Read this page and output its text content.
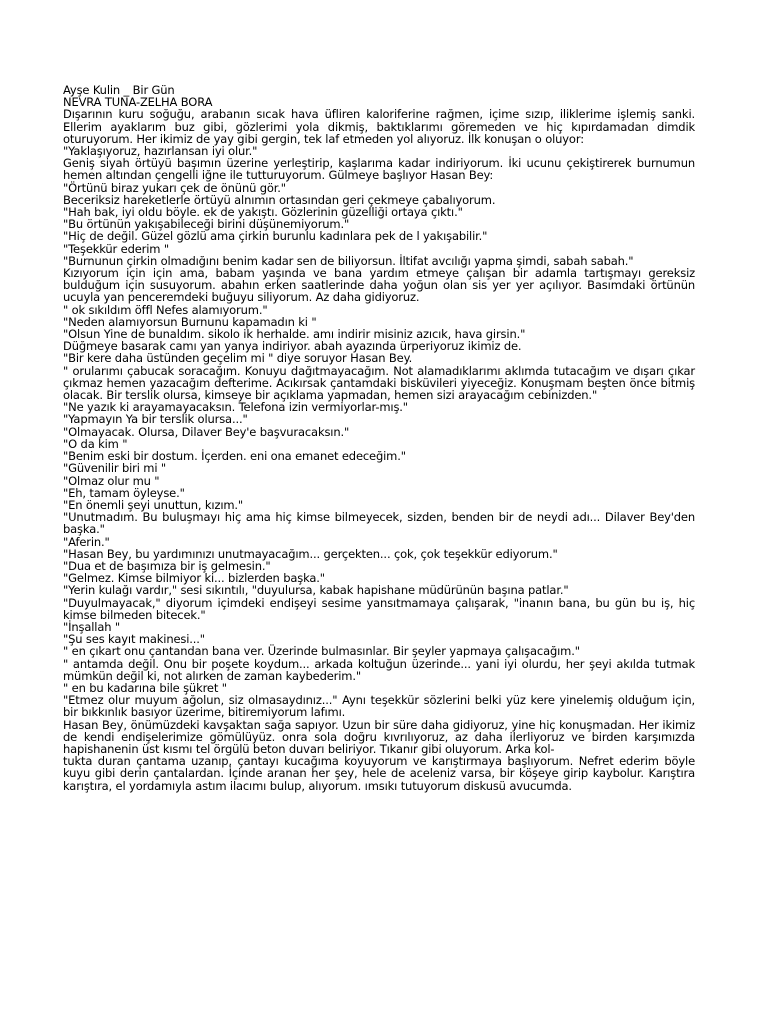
Ayşe Kulin _ Bir Gün

NEVRA TUNA-ZELHA BORA

Dışarının kuru soğuğu, arabanın sıcak hava üfliren kaloriferine rağmen, içime sızıp, iliklerime işlemiş sanki. Ellerim ayaklarım buz gibi, gözlerimi yola dikmiş, baktıklarımı göremeden ve hiç kıpırdamadan dimdik oturuyorum. Her ikimiz de yay gibi gergin, tek laf etmeden yol alıyoruz. İlk konuşan o oluyor:

"Yaklaşıyoruz, hazırlansan iyi olur."

Geniş siyah örtüyü başımın üzerine yerleştirip, kaşlarıma kadar indiriyorum. İki ucunu çekiştirerek burnumun hemen altından çengelli iğne ile tutturuyorum. Gülmeye başlıyor Hasan Bey:

"Örtünü biraz yukarı çek de önünü gör."

Beceriksiz hareketlerle örtüyü alnımın ortasından geri çekmeye çabalıyorum.

"Hah bak, iyi oldu böyle. ek de yakıştı. Gözlerinin güzelliği ortaya çıktı."

"Bu örtünün yakışabileceği birini düşünemiyorum."

"Hiç de değil. Güzel gözlü ama çirkin burunlu kadınlara pek de l yakışabilir."

"Teşekkür ederim "

"Burnunun çirkin olmadığını benim kadar sen de biliyorsun. İltifat avcılığı yapma şimdi, sabah sabah."

Kızıyorum için için ama, babam yaşında ve bana yardım etmeye çalışan bir adamla tartışmayı gereksiz bulduğum için susuyorum. abahın erken saatlerinde daha yoğun olan sis yer yer açılıyor. Basımdaki örtünün ucuyla yan penceremdeki buğuyu siliyorum. Az daha gidiyoruz.

" ok sıkıldım öffl Nefes alamıyorum."

"Neden alamıyorsun Burnunu kapamadın ki "

"Olsun Yine de bunaldım. sikolo ik herhalde. amı indirir misiniz azıcık, hava girsin."

Düğmeye basarak camı yan yanya indiriyor. abah ayazında ürperiyoruz ikimiz de.

"Bir kere daha üstünden geçelim mi " diye soruyor Hasan Bey.

" orularımı çabucak soracağım. Konuyu dağıtmayacağım. Not alamadıklarımı aklımda tutacağım ve dışarı çıkar çıkmaz hemen yazacağım defterime. Acıkırsak çantamdaki bisküvileri yiyeceğiz. Konuşmam beşten önce bitmiş olacak. Bir terslik olursa, kimseye bir açıklama yapmadan, hemen sizi arayacağım cebinizden."

"Ne yazık ki arayamayacaksın. Telefona izin vermiyorlar-mış."

"Yapmayın Ya bir terslik olursa..."

"Olmayacak. Olursa, Dilaver Bey'e başvuracaksın."

"O da kim "

"Benim eski bir dostum. İçerden. eni ona emanet edeceğim."

"Güvenilir biri mi "

"Olmaz olur mu "

"Eh, tamam öyleyse."

"En önemli şeyi unuttun, kızım."

"Unutmadım. Bu buluşmayı hiç ama hiç kimse bilmeyecek, sizden, benden bir de neydi adı... Dilaver Bey'den başka."

"Aferin."

"Hasan Bey, bu yardımınızı unutmayacağım... gerçekten... çok, çok teşekkür ediyorum."

"Dua et de başımıza bir iş gelmesin."

"Gelmez. Kimse bilmiyor ki... bizlerden başka."

"Yerin kulağı vardır," sesi sıkıntılı, "duyulursa, kabak hapishane müdürünün başına patlar."

"Duyulmayacak," diyorum içimdeki endişeyi sesime yansıtmamaya çalışarak, "inanın bana, bu gün bu iş, hiç kimse bilmeden bitecek."

"İnşallah "

"Şu ses kayıt makinesi..."

" en çıkart onu çantandan bana ver. Üzerinde bulmasınlar. Bir şeyler yapmaya çalışacağım."

" antamda değil. Onu bir poşete koydum... arkada koltuğun üzerinde... yani iyi olurdu, her şeyi akılda tutmak mümkün değil ki, not alırken de zaman kaybederim."

" en bu kadarına bile şükret "

"Etmez olur muyum ağolun, siz olmasaydınız..." Aynı teşekkür sözlerini belki yüz kere yinelemiş olduğum için, bir bıkkınlık basıyor üzerime, bitiremiyorum lafımı.

Hasan Bey, önümüzdeki kavşaktan sağa sapıyor. Uzun bir süre daha gidiyoruz, yine hiç konuşmadan. Her ikimiz de kendi endişelerimize gömülüyüz. onra sola doğru kıvrılıyoruz, az daha ilerliyoruz ve birden karşımızda hapishanenin üst kısmı tel örgülü beton duvarı beliriyor. Tıkanır gibi oluyorum. Arka kol-

tukta duran çantama uzanıp, çantayı kucağıma koyuyorum ve karıştırmaya başlıyorum. Nefret ederim böyle kuyu gibi derin çantalardan. İçinde aranan her şey, hele de aceleniz varsa, bir köşeye girip kaybolur. Karıştıra karıştıra, el yordamıyla astım ilacımı bulup, alıyorum. ımsıkı tutuyorum diskusü avucumda.
